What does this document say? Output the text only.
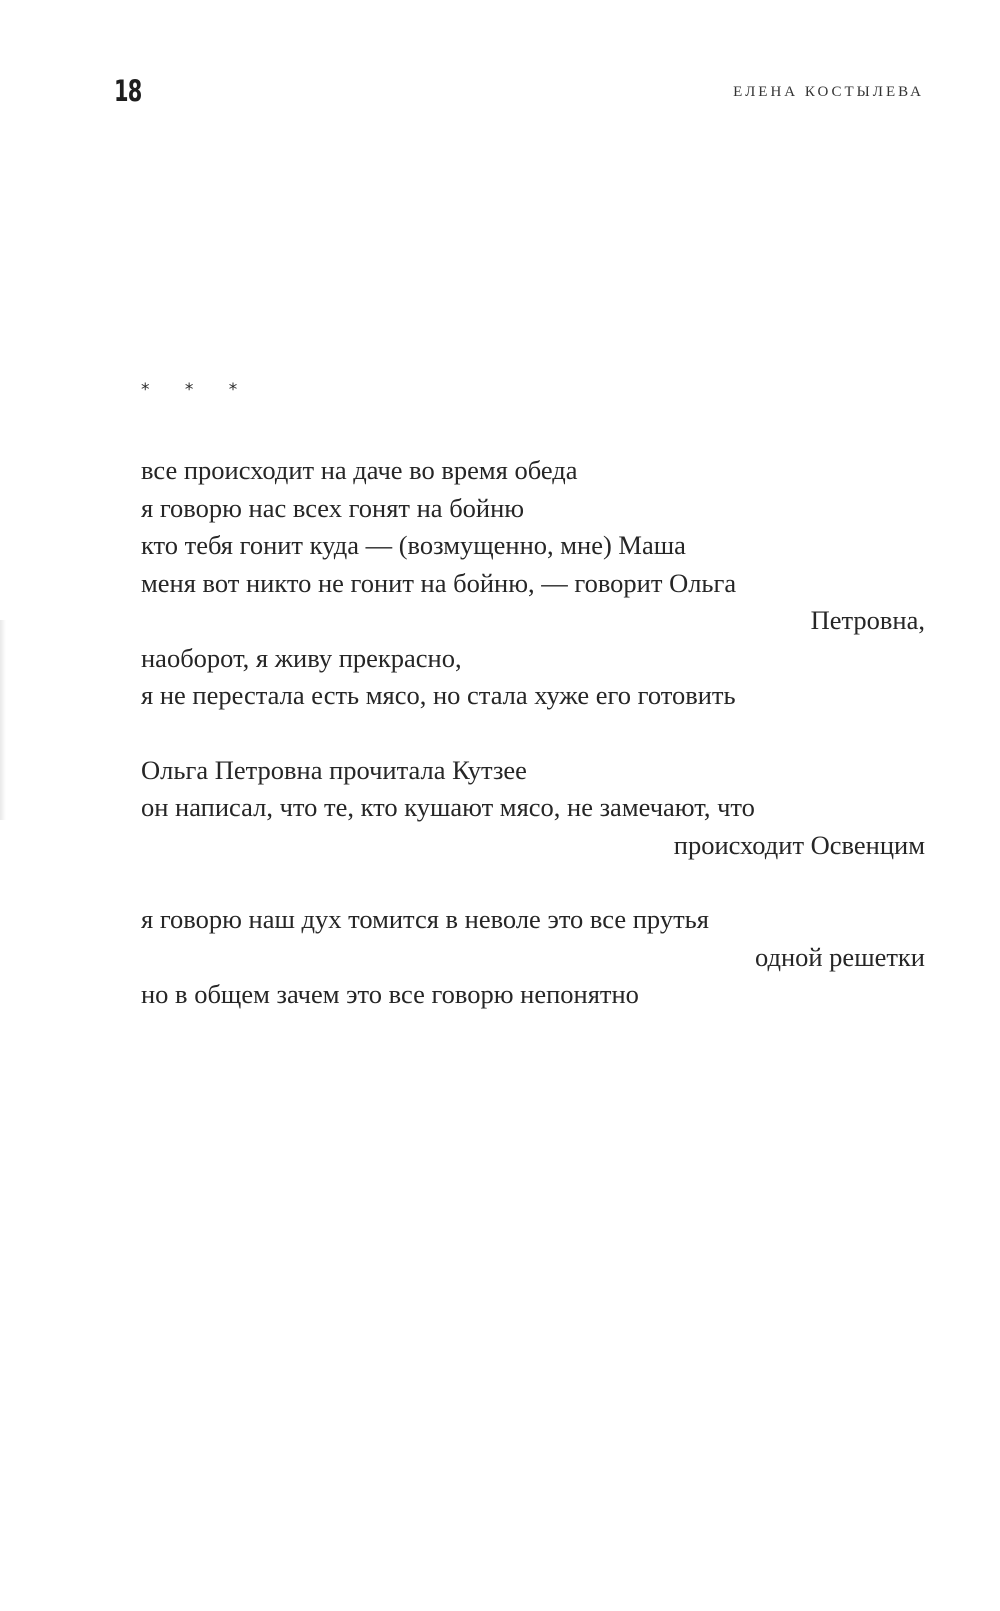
18	ЕЛЕНА КОСТЫЛЕВА
* * *
все происходит на даче во время обеда
я говорю нас всех гонят на бойню
кто тебя гонит куда — (возмущенно, мне) Маша
меня вот никто не гонит на бойню, — говорит Ольга
Петровна,
наоборот, я живу прекрасно,
я не перестала есть мясо, но стала хуже его готовить
Ольга Петровна прочитала Кутзее
он написал, что те, кто кушают мясо, не замечают, что
происходит Освенцим
я говорю наш дух томится в неволе это все прутья
одной решетки
но в общем зачем это все говорю непонятно
